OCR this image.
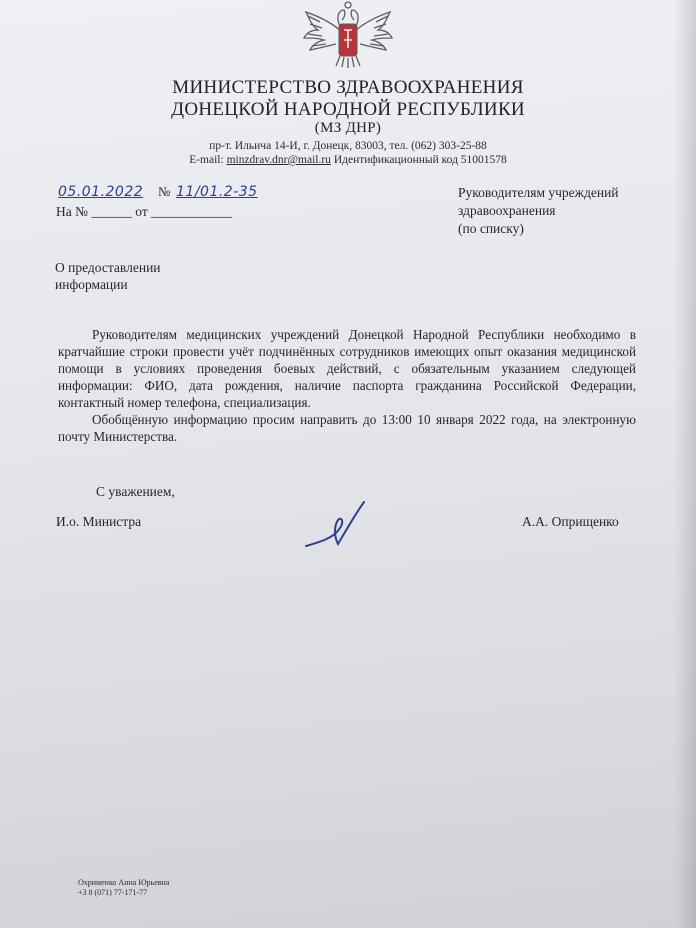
МИНИСТЕРСТВО ЗДРАВООХРАНЕНИЯ
ДОНЕЦКОЙ НАРОДНОЙ РЕСПУБЛИКИ
(МЗ ДНР)
пр-т. Ильича 14-И, г. Донецк, 83003, тел. (062) 303-25-88
E-mail: minzdrav.dnr@mail.ru Идентификационный код 51001578
05.01.2022 № 11/01.2-35
На № ______ от ____________
Руководителям учреждений
здравоохранения
(по списку)
О предоставлении
информации

Руководителям медицинских учреждений Донецкой Народной Республики необходимо в кратчайшие строки провести учёт подчинённых сотрудников имеющих опыт оказания медицинской помощи в условиях проведения боевых действий, с обязательным указанием следующей информации: ФИО, дата рождения, наличие паспорта гражданина Российской Федерации, контактный номер телефона, специализация.

Обобщённую информацию просим направить до 13:00 10 января 2022 года, на электронную почту Министерства.

С уважением,
И.о. Министра	А.А. Оприщенко
Охрименко Анна Юрьевна
+3 8 (071) 77-171-77
